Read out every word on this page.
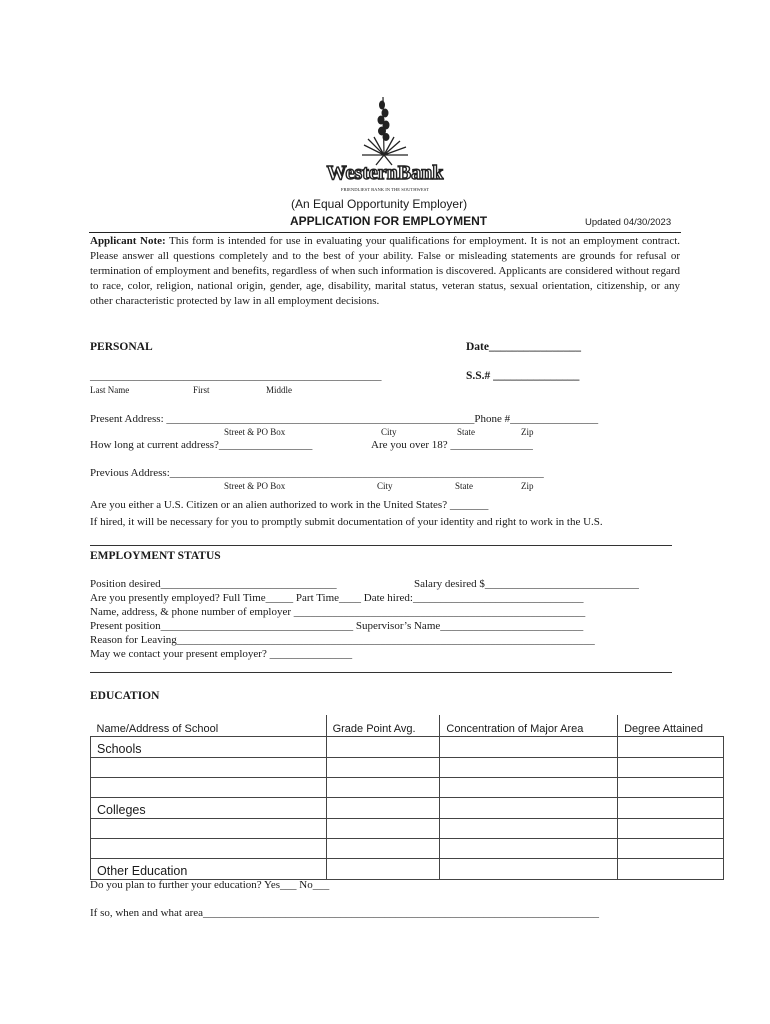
WesternBank
FRIENDLIEST BANK IN THE SOUTHWEST
(An Equal Opportunity Employer)
APPLICATION FOR EMPLOYMENT	Updated 04/30/2023
Applicant Note: This form is intended for use in evaluating your qualifications for employment. It is not an employment contract. Please answer all questions completely and to the best of your ability. False or misleading statements are grounds for refusal or termination of employment and benefits, regardless of when such information is discovered. Applicants are considered without regard to race, color, religion, national origin, gender, age, disability, marital status, veteran status, sexual orientation, citizenship, or any other characteristic protected by law in all employment decisions.
PERSONAL	Date________________
_____________________________________________________	S.S.# _______________
Last Name	First	Middle
Present Address: ________________________________________________________Phone #________________
Street & PO Box	City	State	Zip
How long at current address?_________________	Are you over 18? _______________
Previous Address:____________________________________________________________________
Street & PO Box	City	State	Zip
Are you either a U.S. Citizen or an alien authorized to work in the United States? _______
If hired, it will be necessary for you to promptly submit documentation of your identity and right to work in the U.S.
EMPLOYMENT STATUS
Position desired________________________________	Salary desired $____________________________
Are you presently employed? Full Time_____ Part Time____ Date hired:_______________________________
Name, address, & phone number of employer _____________________________________________________
Present position___________________________________ Supervisor’s Name__________________________
Reason for Leaving____________________________________________________________________________
May we contact your present employer? _______________
EDUCATION
Name/Address of School	Grade Point Avg.	Concentration of Major Area	Degree Attained
Schools			

Colleges			

Other Education			
Do you plan to further your education? Yes___ No___
If so, when and what area________________________________________________________________________
